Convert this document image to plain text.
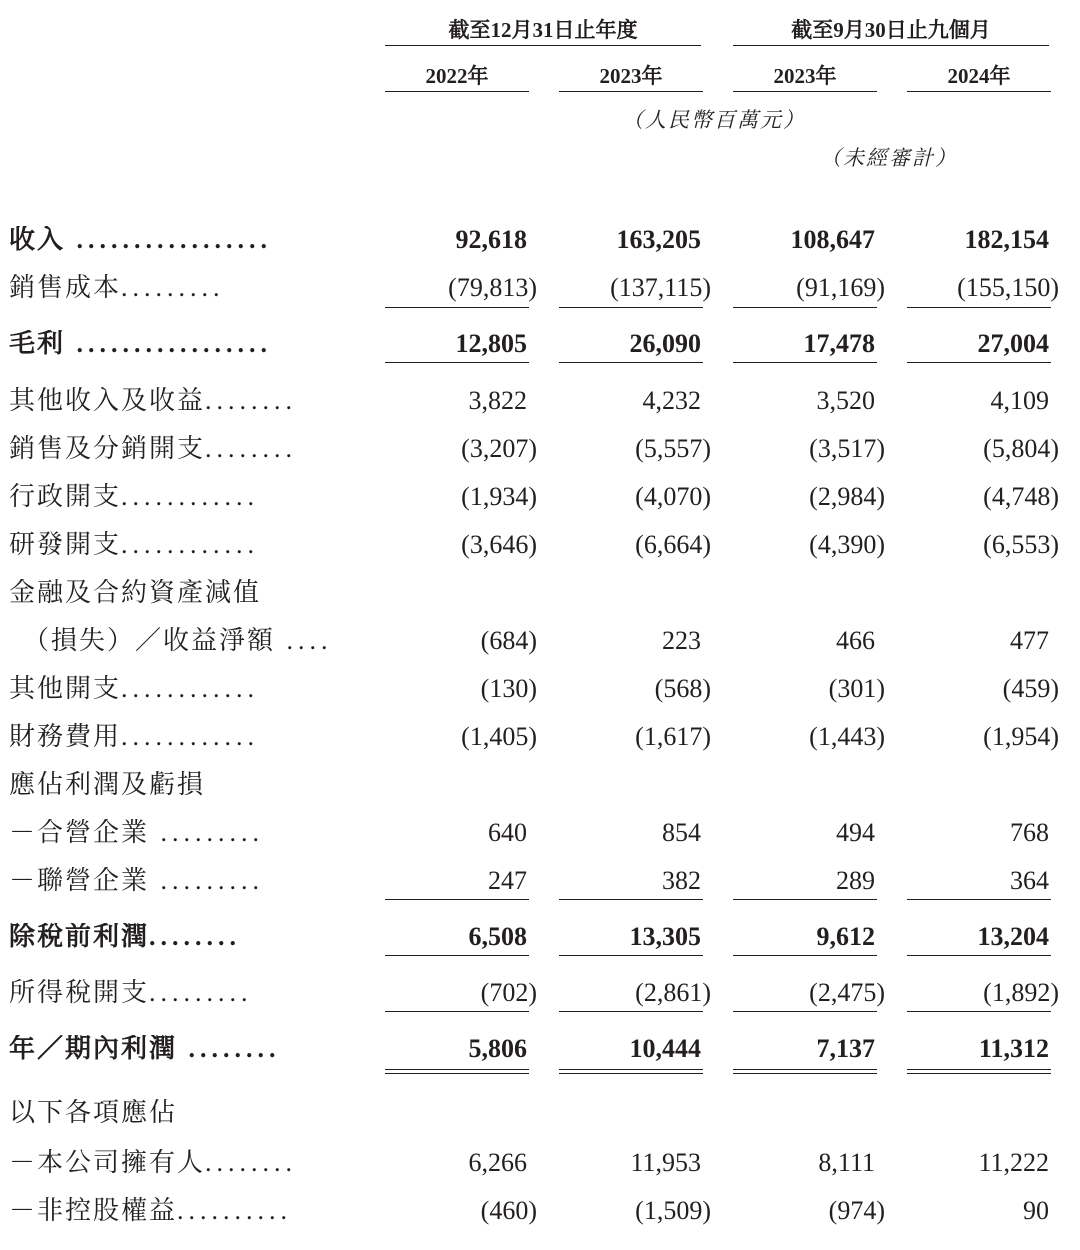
截至12月31日止年度	截至9月30日止九個月
2022年	2023年	2023年	2024年
（人民幣百萬元）
（未經審計）
收入 .................	92,618	163,205	108,647	182,154
銷售成本.........	(79,813)	(137,115)	(91,169)	(155,150)
毛利 .................	12,805	26,090	17,478	27,004
其他收入及收益........	3,822	4,232	3,520	4,109
銷售及分銷開支........	(3,207)	(5,557)	(3,517)	(5,804)
行政開支............	(1,934)	(4,070)	(2,984)	(4,748)
研發開支............	(3,646)	(6,664)	(4,390)	(6,553)
金融及合約資產減值
（損失）／收益淨額 ....	(684)	223	466	477
其他開支............	(130)	(568)	(301)	(459)
財務費用............	(1,405)	(1,617)	(1,443)	(1,954)
應佔利潤及虧損
－合營企業 .........	640	854	494	768
－聯營企業 .........	247	382	289	364
除稅前利潤........	6,508	13,305	9,612	13,204
所得稅開支.........	(702)	(2,861)	(2,475)	(1,892)
年／期內利潤 ........	5,806	10,444	7,137	11,312
以下各項應佔
－本公司擁有人........	6,266	11,953	8,111	11,222
－非控股權益..........	(460)	(1,509)	(974)	90
